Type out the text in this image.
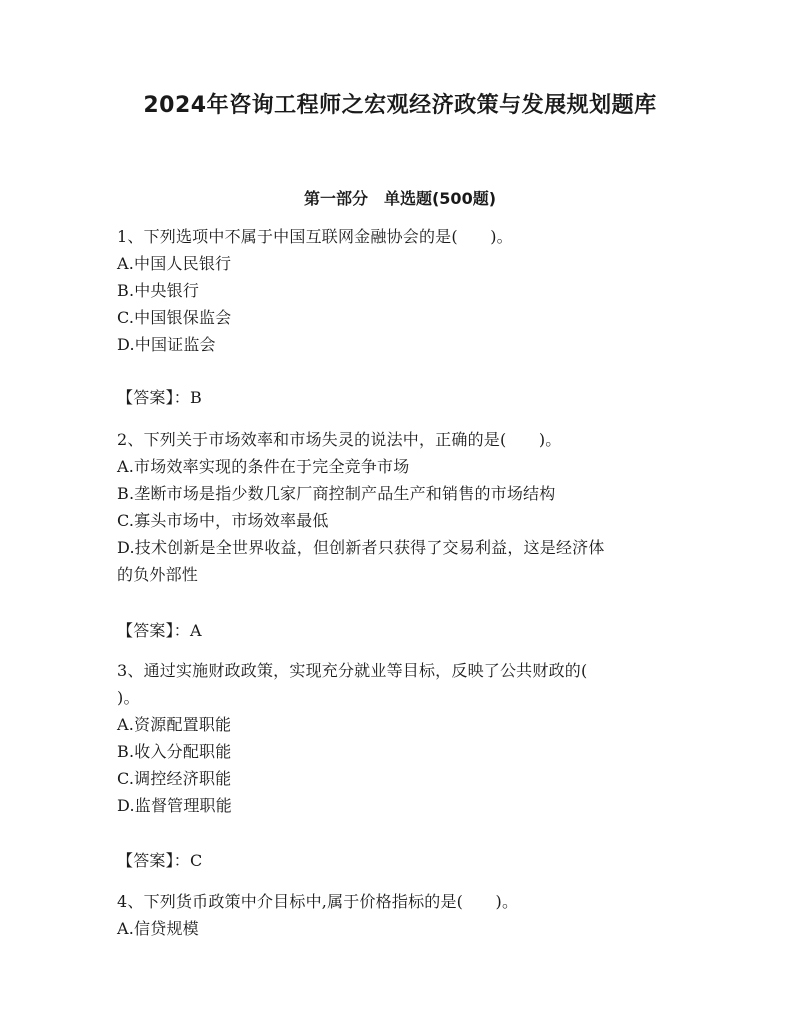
2024年咨询工程师之宏观经济政策与发展规划题库
第一部分　单选题(500题)
1、下列选项中不属于中国互联网金融协会的是(　　)。
A.中国人民银行
B.中央银行
C.中国银保监会
D.中国证监会
【答案】：B
2、下列关于市场效率和市场失灵的说法中，正确的是(　　)。
A.市场效率实现的条件在于完全竞争市场
B.垄断市场是指少数几家厂商控制产品生产和销售的市场结构
C.寡头市场中，市场效率最低
D.技术创新是全世界收益，但创新者只获得了交易利益，这是经济体
的负外部性
【答案】：A
3、通过实施财政政策，实现充分就业等目标，反映了公共财政的(
)。
A.资源配置职能
B.收入分配职能
C.调控经济职能
D.监督管理职能
【答案】：C
4、下列货币政策中介目标中,属于价格指标的是(　　)。
A.信贷规模
